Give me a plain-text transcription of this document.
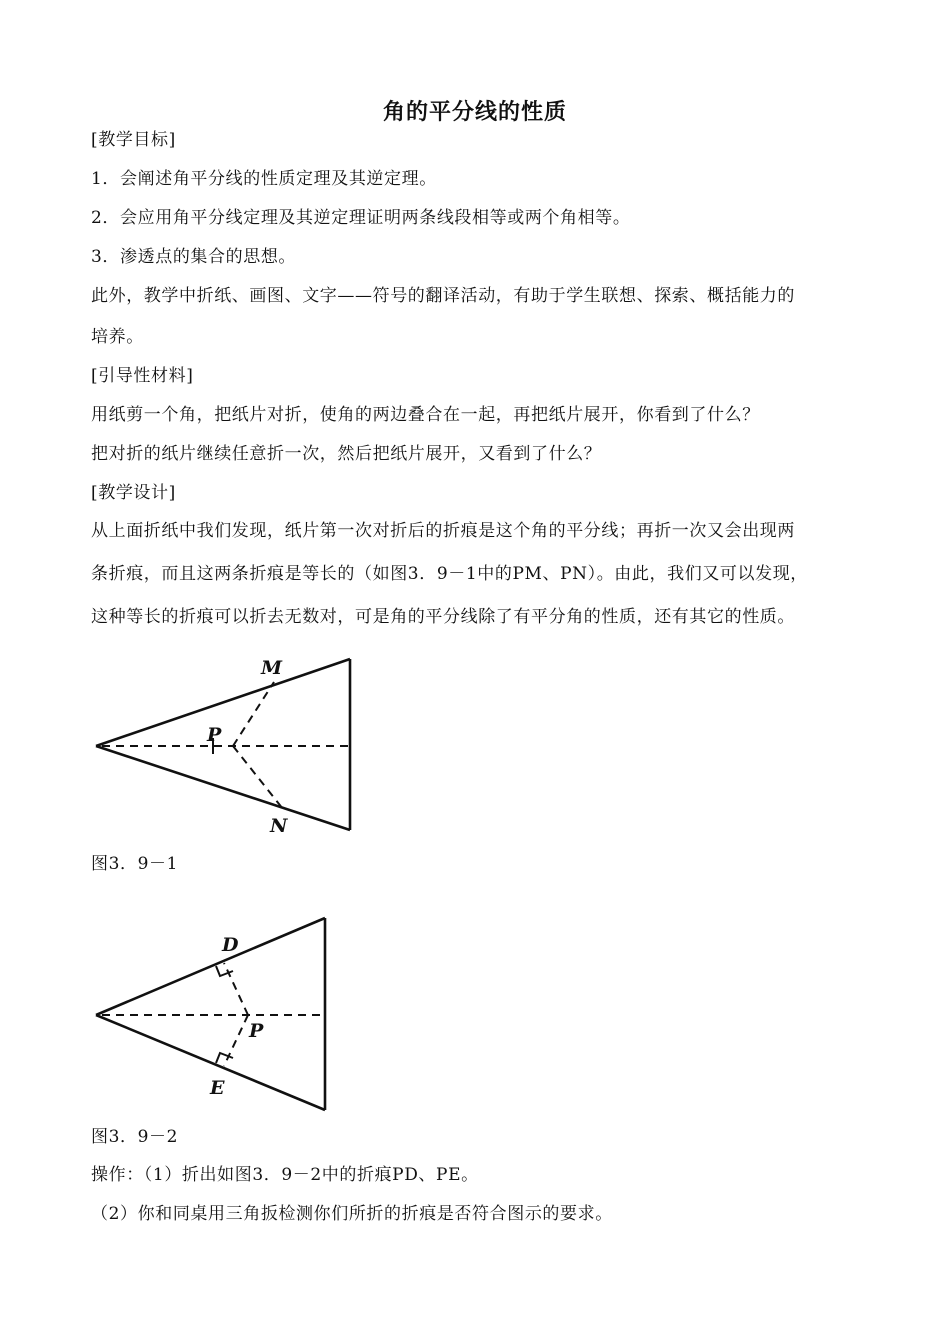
角的平分线的性质
[教学目标]
1．会阐述角平分线的性质定理及其逆定理。
2．会应用角平分线定理及其逆定理证明两条线段相等或两个角相等。
3．渗透点的集合的思想。
此外，教学中折纸、画图、文字——符号的翻译活动，有助于学生联想、探索、概括能力的
培养。
[引导性材料]
用纸剪一个角，把纸片对折，使角的两边叠合在一起，再把纸片展开，你看到了什么？
把对折的纸片继续任意折一次，然后把纸片展开，又看到了什么？
[教学设计]
从上面折纸中我们发现，纸片第一次对折后的折痕是这个角的平分线；再折一次又会出现两
条折痕，而且这两条折痕是等长的（如图3．9－1中的PM、PN）。由此，我们又可以发现，
这种等长的折痕可以折去无数对，可是角的平分线除了有平分角的性质，还有其它的性质。
M
P
N
图3．9－1
D
P
E
图3．9－2
操作：（1）折出如图3．9－2中的折痕PD、PE。
（2）你和同桌用三角扳检测你们所折的折痕是否符合图示的要求。
